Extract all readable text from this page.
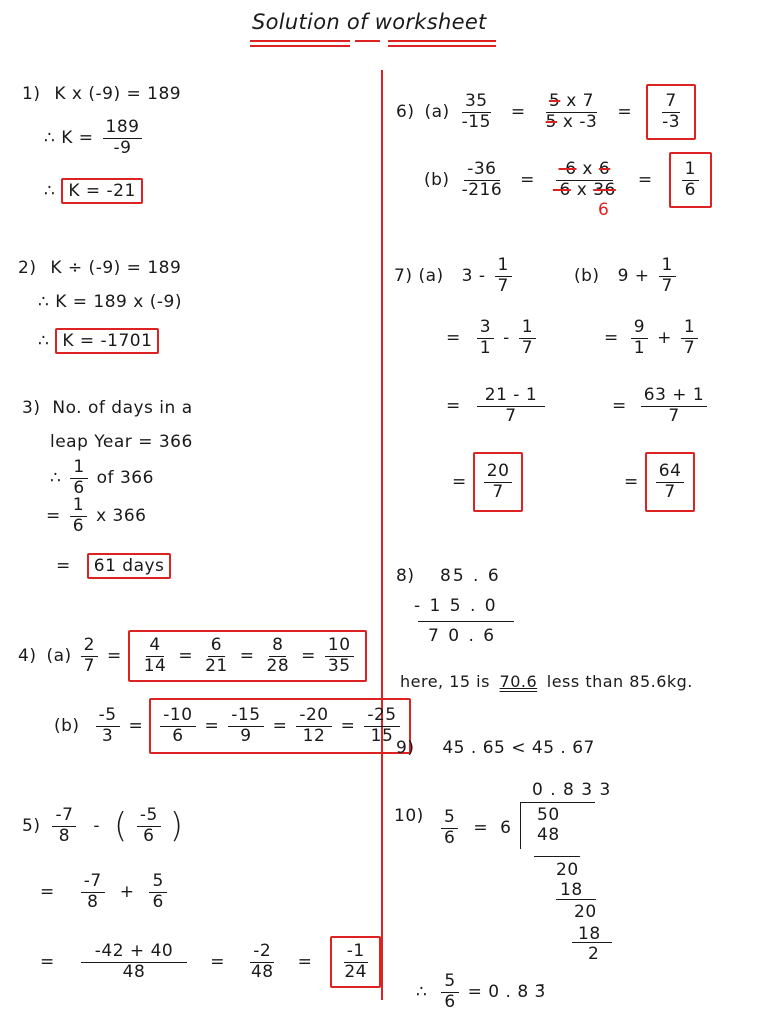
Solution of worksheet
1) K x (-9) = 189
∴ $K = \frac{189}{-9}$
∴ K = -21
2) K ÷ (-9) = 189
∴ K = 189 x (-9)
∴ K = -1701
3) No. of days in a
leap Year = 366
∴ $\frac{1}{6}$ of 366
= $\frac{1}{6}$ x 366
=	61 days
4) $(a) \frac{2}{7} = \frac{4}{14} = \frac{6}{21} = \frac{8}{28} = \frac{10}{35}$
$(b) \frac{-5}{3} = \frac{-10}{6} = \frac{-15}{9} = \frac{-20}{12} = \frac{-25}{15}$
$5) \frac{-7}{8}$ - ( $\frac{-5}{6}$ )
= $\frac{-7}{8} + \frac{5}{6}$
= $\frac{-42 + 40}{48} = \frac{-2}{48} = \frac{-1}{24}$
6) $(a) \frac{35}{-15} = \frac{5 x 7}{5 x -3} = \frac{7}{-3}$
$(b) \frac{-36}{-216} = \frac{-6 x 6}{-6 x 36} = \frac{1}{6}$
6
7) (a) $3 - \frac{1}{7}$
= $\frac{3}{1} - \frac{1}{7}$
= $\frac{21 - 1}{7}$
= $\frac{20}{7}$
(b) $9 + \frac{1}{7}$
= $\frac{9}{1} + \frac{1}{7}$
= $\frac{63 + 1}{7}$
= $\frac{64}{7}$
8) 85 . 6
- 1 5 . 0
7 0 . 6
here, 15 is 70.6 less than 85.6kg.
9) 45 . 65 < 45 . 67
$10) \frac{5}{6} = 6$
0 . 8 3 3
50
48
20
18
20
18
2
∴ $\frac{5}{6} = 0$ . 8 3̄
